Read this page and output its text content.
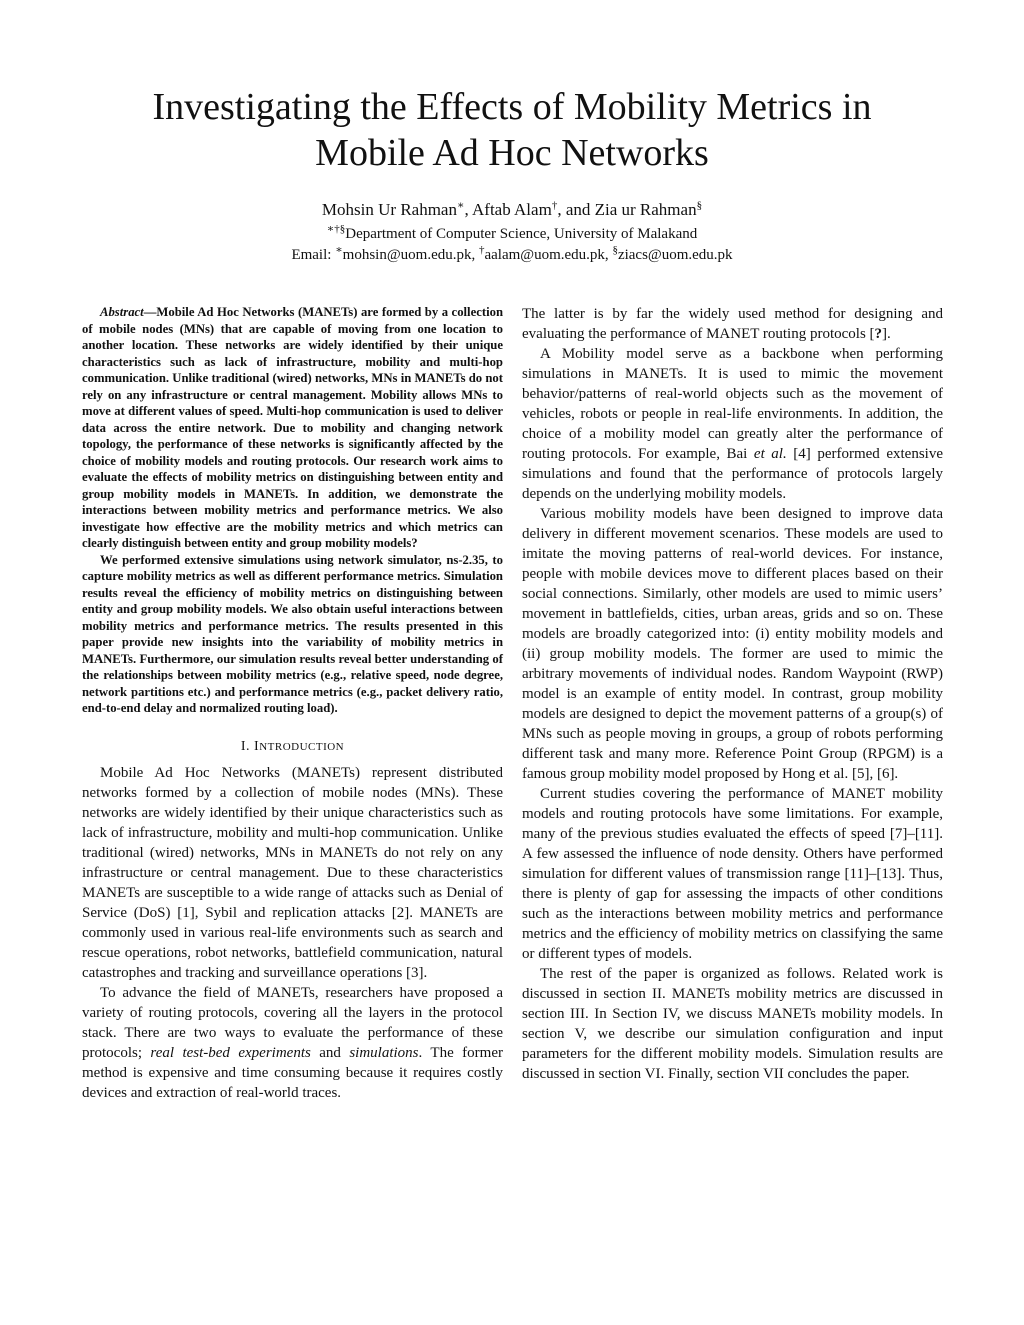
Investigating the Effects of Mobility Metrics in
Mobile Ad Hoc Networks
Mohsin Ur Rahman∗, Aftab Alam†, and Zia ur Rahman§
∗†§Department of Computer Science, University of Malakand
Email: ∗mohsin@uom.edu.pk, †aalam@uom.edu.pk, §ziacs@uom.edu.pk

Abstract—Mobile Ad Hoc Networks (MANETs) are formed by a collection of mobile nodes (MNs) that are capable of moving from one location to another location. These networks are widely identified by their unique characteristics such as lack of infrastructure, mobility and multi-hop communication. Unlike traditional (wired) networks, MNs in MANETs do not rely on any infrastructure or central management. Mobility allows MNs to move at different values of speed. Multi-hop communication is used to deliver data across the entire network. Due to mobility and changing network topology, the performance of these networks is significantly affected by the choice of mobility models and routing protocols. Our research work aims to evaluate the effects of mobility metrics on distinguishing between entity and group mobility models in MANETs. In addition, we demonstrate the interactions between mobility metrics and performance metrics. We also investigate how effective are the mobility metrics and which metrics can clearly distinguish between entity and group mobility models?

We performed extensive simulations using network simulator, ns-2.35, to capture mobility metrics as well as different performance metrics. Simulation results reveal the efficiency of mobility metrics on distinguishing between entity and group mobility models. We also obtain useful interactions between mobility metrics and performance metrics. The results presented in this paper provide new insights into the variability of mobility metrics in MANETs. Furthermore, our simulation results reveal better understanding of the relationships between mobility metrics (e.g., relative speed, node degree, network partitions etc.) and performance metrics (e.g., packet delivery ratio, end-to-end delay and normalized routing load).

I. INTRODUCTION

Mobile Ad Hoc Networks (MANETs) represent distributed networks formed by a collection of mobile nodes (MNs). These networks are widely identified by their unique characteristics such as lack of infrastructure, mobility and multi-hop communication. Unlike traditional (wired) networks, MNs in MANETs do not rely on any infrastructure or central management. Due to these characteristics MANETs are susceptible to a wide range of attacks such as Denial of Service (DoS) [1], Sybil and replication attacks [2]. MANETs are commonly used in various real-life environments such as search and rescue operations, robot networks, battlefield communication, natural catastrophes and tracking and surveillance operations [3].

To advance the field of MANETs, researchers have proposed a variety of routing protocols, covering all the layers in the protocol stack. There are two ways to evaluate the performance of these protocols; real test-bed experiments and simulations. The former method is expensive and time consuming because it requires costly devices and extraction of real-world traces.

The latter is by far the widely used method for designing and evaluating the performance of MANET routing protocols [?].

A Mobility model serve as a backbone when performing simulations in MANETs. It is used to mimic the movement behavior/patterns of real-world objects such as the movement of vehicles, robots or people in real-life environments. In addition, the choice of a mobility model can greatly alter the performance of routing protocols. For example, Bai et al. [4] performed extensive simulations and found that the performance of protocols largely depends on the underlying mobility models.

Various mobility models have been designed to improve data delivery in different movement scenarios. These models are used to imitate the moving patterns of real-world devices. For instance, people with mobile devices move to different places based on their social connections. Similarly, other models are used to mimic users’ movement in battlefields, cities, urban areas, grids and so on. These models are broadly categorized into: (i) entity mobility models and (ii) group mobility models. The former are used to mimic the arbitrary movements of individual nodes. Random Waypoint (RWP) model is an example of entity model. In contrast, group mobility models are designed to depict the movement patterns of a group(s) of MNs such as people moving in groups, a group of robots performing different task and many more. Reference Point Group (RPGM) is a famous group mobility model proposed by Hong et al. [5], [6].

Current studies covering the performance of MANET mobility models and routing protocols have some limitations. For example, many of the previous studies evaluated the effects of speed [7]–[11]. A few assessed the influence of node density. Others have performed simulation for different values of transmission range [11]–[13]. Thus, there is plenty of gap for assessing the impacts of other conditions such as the interactions between mobility metrics and performance metrics and the efficiency of mobility metrics on classifying the same or different types of models.

The rest of the paper is organized as follows. Related work is discussed in section II. MANETs mobility metrics are discussed in section III. In Section IV, we discuss MANETs mobility models. In section V, we describe our simulation configuration and input parameters for the different mobility models. Simulation results are discussed in section VI. Finally, section VII concludes the paper.
